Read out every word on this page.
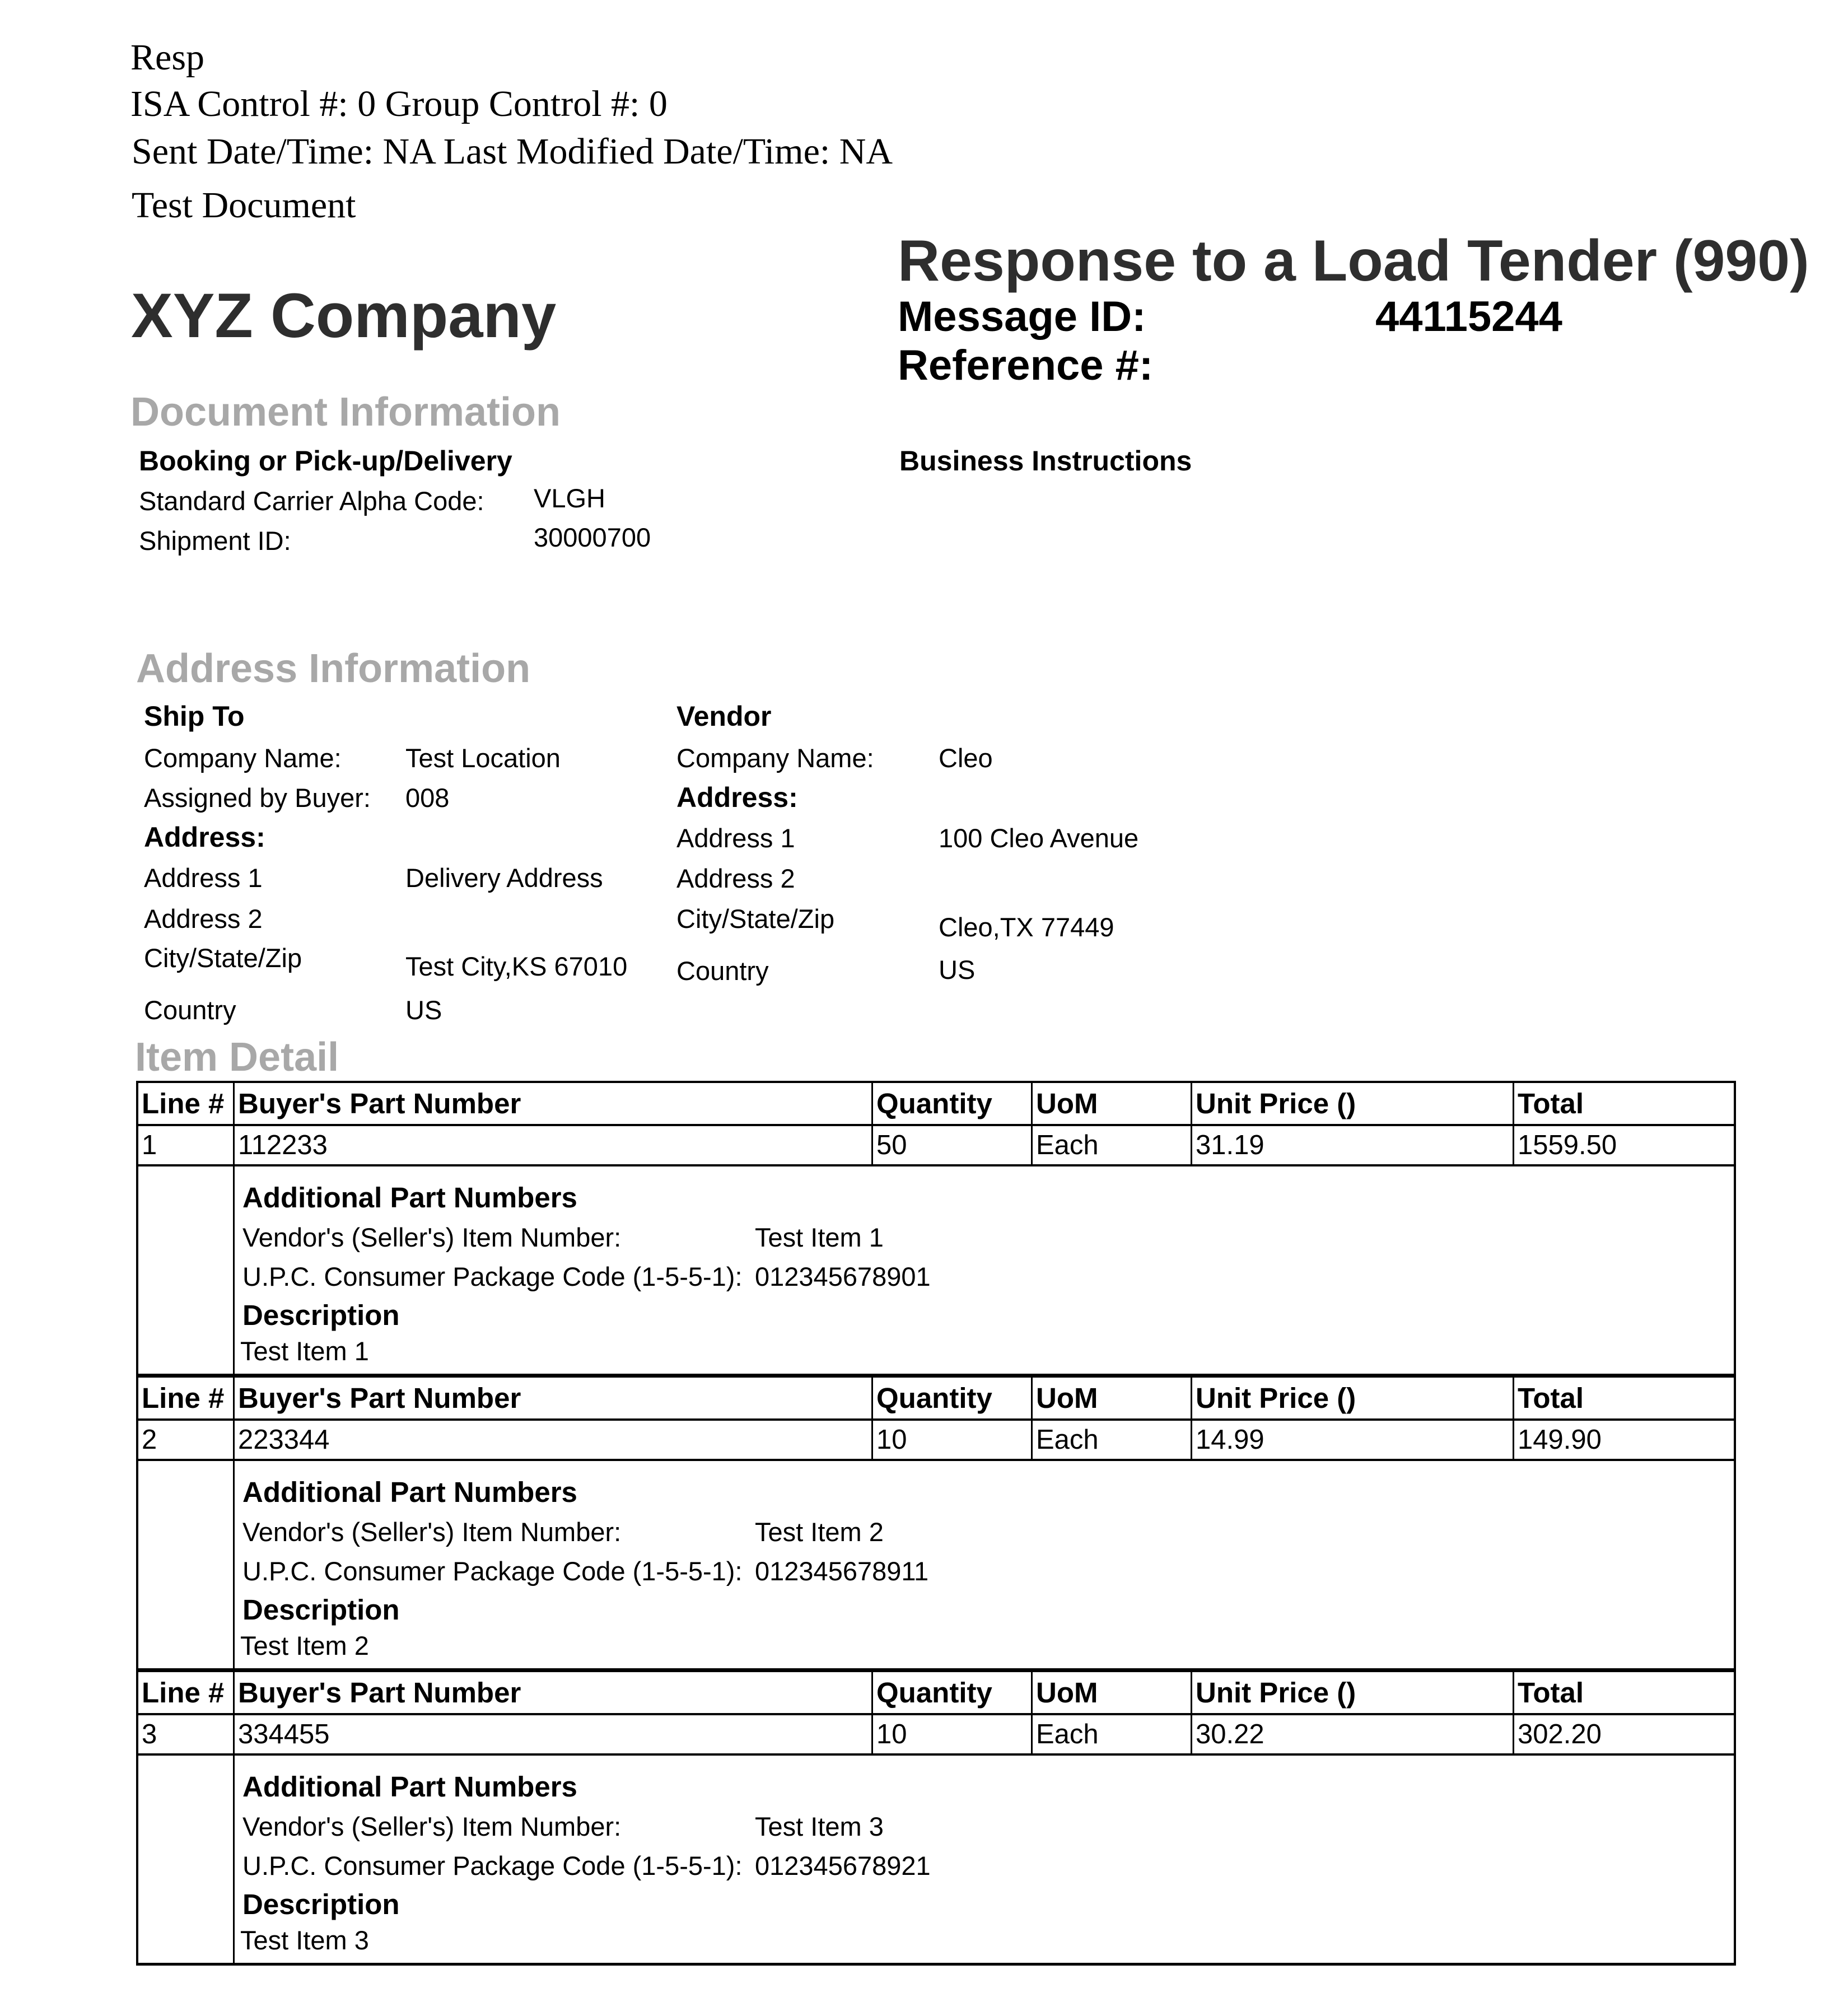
Resp
ISA Control #: 0 Group Control #: 0
Sent Date/Time: NA Last Modified Date/Time: NA
Test Document
Response to a Load Tender (990)
XYZ Company	Message ID:	44115244
Reference #:
Document Information
Booking or Pick-up/Delivery
Standard Carrier Alpha Code: VLGH
Shipment ID:	30000700
Business Instructions
Address Information
Ship To
Company Name: Test Location
Assigned by Buyer: 008
Address:
Address 1	Delivery Address
Address 2
City/State/Zip	Test City,KS 67010
Country	US
Vendor
Company Name: Cleo
Address:
Address 1	100 Cleo Avenue
Address 2
City/State/Zip	Cleo,TX 77449
Country	US
Item Detail
Line # Buyer's Part Number	Quantity	UoM	Unit Price ()	Total
1	112233	50	Each	31.19	1559.50
Additional Part Numbers
Vendor's (Seller's) Item Number:	Test Item 1
U.P.C. Consumer Package Code (1-5-5-1): 012345678901
Description
Test Item 1
Line # Buyer's Part Number	Quantity	UoM	Unit Price ()	Total
2	223344	10	Each	14.99	149.90
Additional Part Numbers
Vendor's (Seller's) Item Number:	Test Item 2
U.P.C. Consumer Package Code (1-5-5-1): 012345678911
Description
Test Item 2
Line # Buyer's Part Number	Quantity	UoM	Unit Price ()	Total
3	334455	10	Each	30.22	302.20
Additional Part Numbers
Vendor's (Seller's) Item Number:	Test Item 3
U.P.C. Consumer Package Code (1-5-5-1): 012345678921
Description
Test Item 3
